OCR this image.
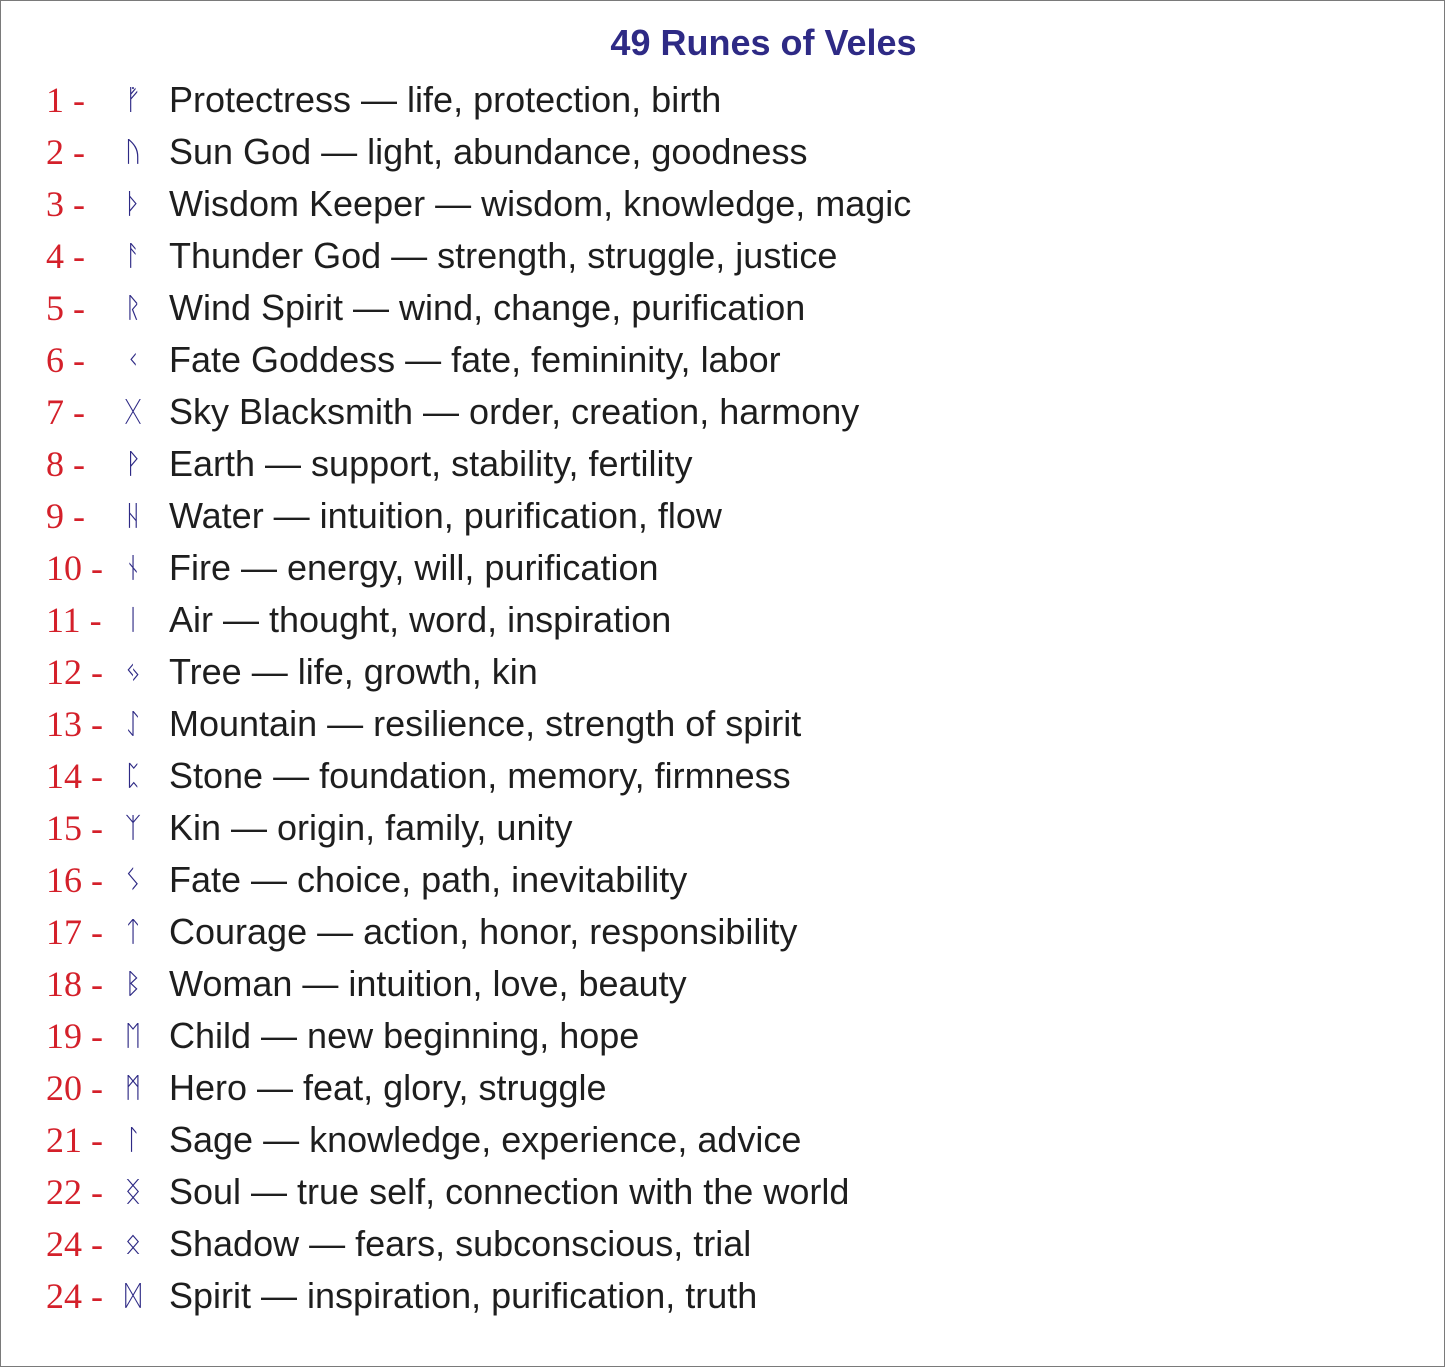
49 Runes of Veles
1 -	ᚡ Protectress — life, protection, birth
2 -	ᚢ Sun God — light, abundance, goodness
3 -	ᚦ Wisdom Keeper — wisdom, knowledge, magic
4 -	ᚨ Thunder God — strength, struggle, justice
5 -	ᚱ Wind Spirit — wind, change, purification
6 -	ᚲ Fate Goddess — fate, femininity, labor
7 -	ᚷ Sky Blacksmith — order, creation, harmony
8 -	ᚹ Earth — support, stability, fertility
9 -	ᚺ Water — intuition, purification, flow
10 - ᚾ Fire — energy, will, purification
11 - ᛁ Air — thought, word, inspiration
12 - ᛃ Tree — life, growth, kin
13 - ᛇ Mountain — resilience, strength of spirit
14 - ᛈ Stone — foundation, memory, firmness
15 - ᛉ Kin — origin, family, unity
16 - ᛊ Fate — choice, path, inevitability
17 - ᛏ Courage — action, honor, responsibility
18 - ᛒ Woman — intuition, love, beauty
19 - ᛖ Child — new beginning, hope
20 - ᛗ Hero — feat, glory, struggle
21 - ᛚ Sage — knowledge, experience, advice
22 - ᛝ Soul — true self, connection with the world
24 - ᛟ Shadow — fears, subconscious, trial
24 - ᛞ Spirit — inspiration, purification, truth
